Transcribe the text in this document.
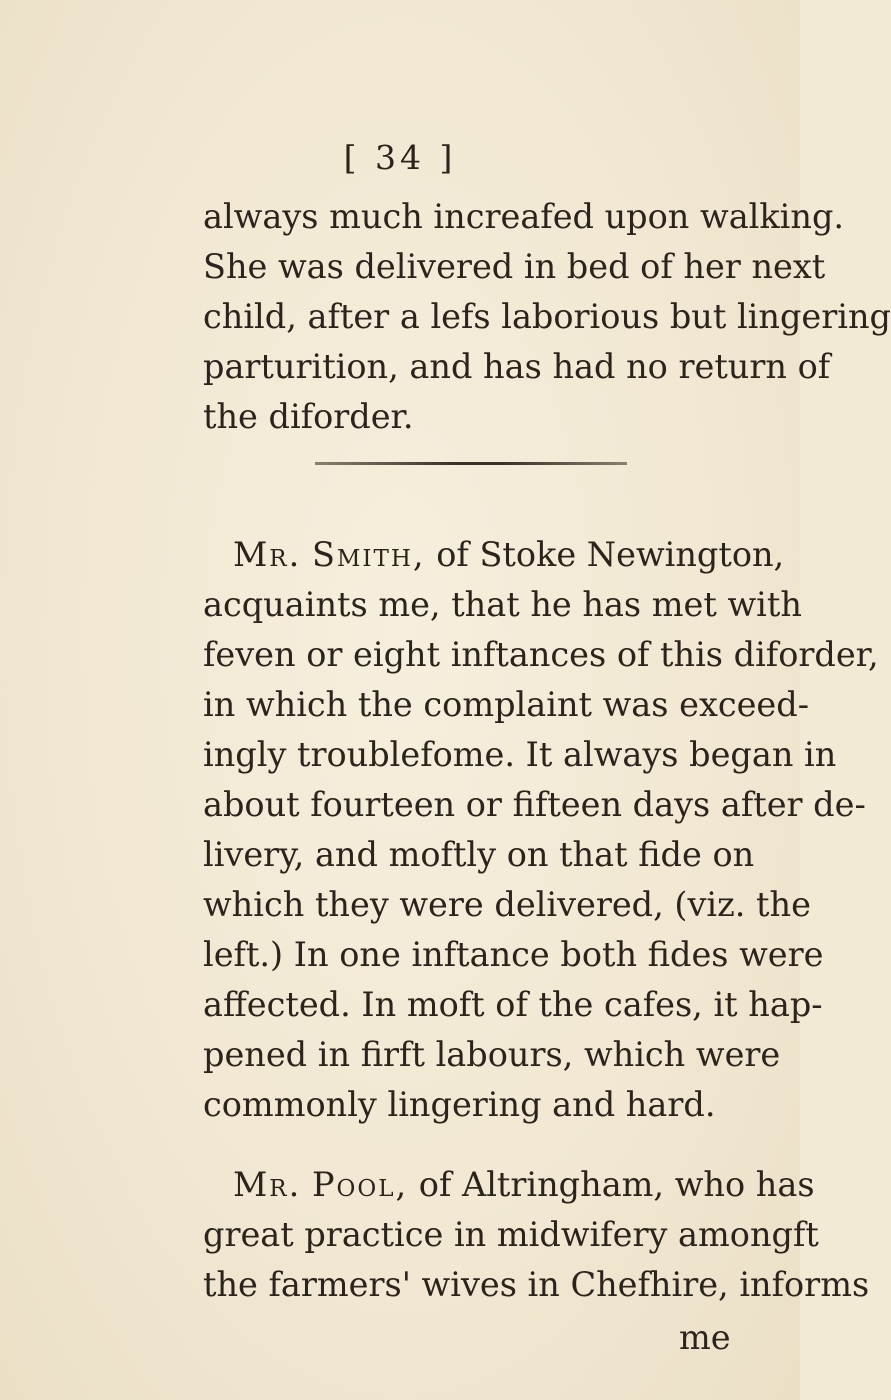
[ 34 ]
always much increafed upon walking.
She was delivered in bed of her next
child, after a lefs laborious but lingering
parturition, and has had no return of
the diforder.
Mr. Smith, of Stoke Newington,
acquaints me, that he has met with
feven or eight inftances of this diforder,
in which the complaint was exceed-
ingly troublefome. It always began in
about fourteen or fifteen days after de-
livery, and moftly on that fide on
which they were delivered, (viz. the
left.) In one inftance both fides were
affected. In moft of the cafes, it hap-
pened in firft labours, which were
commonly lingering and hard.
Mr. Pool, of Altringham, who has
great practice in midwifery amongft
the farmers' wives in Chefhire, informs
me
